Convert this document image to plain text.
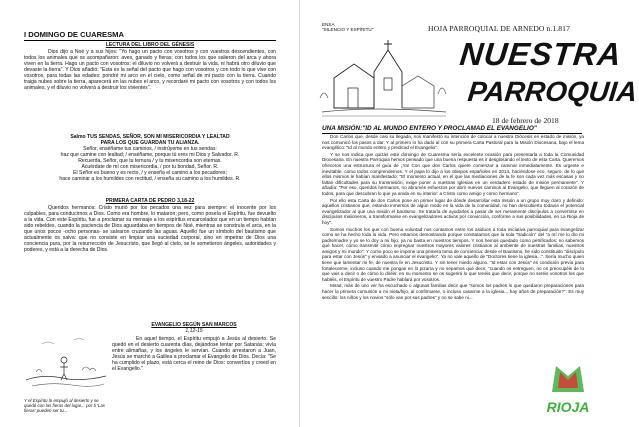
I DOMINGO DE CUARESMA
LECTURA DEL LIBRO DEL GÉNESIS

Dios dijo a Noé y a sus hijos: "Yo hago un pacto con vosotros y con vuestros descendientes, con todos los animales que os acompañaron: aves, ganado y fieras; con todos los que salieron del arca y ahora viven en la tierra. Hago un pacto con vosotros: el diluvio no volverá a destruir la vida, ni habrá otro diluvio que devaste la tierra". Y Dios añadió: "Esta es la señal del pacto que hago con vosotros y con todo lo que vive con vosotros, para todas las edades: pondré mi arco en el cielo, como señal de mi pacto con la tierra. Cuando traiga nubes sobre la tierra, aparecerá en las nubes el arco, y recordaré mi pacto con vosotros y con todos los animales, y el diluvio no volverá a destruir los vivientes".

Salmo TUS SENDAS, SEÑOR, SON MI MISERICORDIA Y LEALTAD
PARA LOS QUE GUARDAN TU ALIANZA.
Señor, enséñame tus caminos, / instrúyeme en tus sendas:
haz que camine con lealtad; / enséñame, porque tú eres mi Dios y Salvador. R.
Recuerda, Señor, que tu ternura / y tu misericordia son eternas.
Acuérdate de mí con misericordia, / por tu bondad, Señor. R.
El Señor es bueno y es recto, / y enseña el camino a los pecadores;
hace caminar a los humildes con rectitud, / enseña su camino a los humildes. R.
PRIMERA CARTA DE PEDRO 3,18-22

Queridos hermanos: Cristo murió por los pecados una vez para siempre: el inocente por los culpables, para conducirnos a Dios. Como era hombre, lo mataron; pero, como poseía el Espíritu, fue devuelto a la vida. Con este Espíritu, fue a proclamar su mensaje a los espíritus encarcelados que en un tiempo habían sido rebeldes, cuando la paciencia de Dios aguardaba en tiempos de Noé, mientras se construía el arca, en la que unos pocos -ocho personas- se salvaron cruzando las aguas. Aquello fue un símbolo del bautismo que actualmente os salva: que no consiste en limpiar una suciedad corporal, sino en impetrar de Dios una conciencia pura, por la resurrección de Jesucristo, que llegó al cielo, se le sometieron ángeles, autoridades y poderes, y está a la derecha de Dios.

EVANGELIO SEGÚN SAN MARCOS
1,12-15

En aquel tiempo, el Espíritu empujó a Jesús al desierto. Se quedó en el desierto cuarenta días, dejándose tentar por Satanás; vivía entre alimañas, y los ángeles le servían. Cuando arrestaron a Juan, Jesús se marchó a Galilea a proclamar el Evangelio de Dios. Decía: "Se ha cumplido el plazo, está cerca el reino de Dios: convertíos y creed en el Evangelio."

Y el Espíritu lo empujó al desierto y se quedó con las fieras del lugar... por ti 'Las fieras' pueden ser tu...
ENSA
"SILENCIO Y ESPÍRITU"	HOJA PARROQUIAL DE ARNEDO n.1.817
NUESTRA
PARROQUIA
18 de febrero de 2018
UNA MISIÓN:"ID AL MUNDO ENTERO Y PROCLAMAD EL EVANGELIO"

Don Carlos que, desde casi su llegada, nos manifestó su intención de colocar a nuestra Diócesis en estado de misión, ya nos comunicó los pasos a dar. Y al primero lo ha dado al con su primera Carta Pastoral para la Misión Diocesana, bajo el lema evangélico: "Id al mundo entero y predicad el Evangelio".

Y se nos indica que quizás este domingo de Cuaresma sería excelente ocasión para presentarla a toda la Comunidad Diocesana. En nuestra Parroquia hemos pensado que una buena respuesta es ir desglosando el texto de esta Carta. Queremos ofreceros una estructura el guía de ¡Ya! Con que don Carlos quiere comenzar a caminar inmediatamente. Es urgente e inevitable, como todos comprendemos. Y el papa lo dijo a los obispos españoles en 2014, haciéndose eco, seguro, de lo que ellos mismos le habían manifestado: "El momento actual, en el que las mediaciones de la fe son cada vez más escasas y no faltan dificultades para su transmisión, exige poner a vuestras Iglesias en un verdadero estado de misión permanente". Y añadía: "Por eso, queridos hermanos, no abrumés esfuerzos por abrir nuevos caminos al Evangelio, que lleguen al corazón de todos, para que descubran lo que ya anida en su interior: a Cristo como amigo y como hermano".

Por ello esta Carta de don Carlos pone en primer lugar de dónde desarrollar esta misión a un grupo muy claro y definido: aquellos cristianos que, estando inmersos de algún modo en la vida de la comunidad, no han descubierto todavía el potencial evangelizador al que una misión el bautismo. Se trataría de ayudarles a pasar de ser meramente discípulos a convertirse en discípulos misioneros, a transformarse en evangelizadores activos por convicción, conforme a sus posibilidades, en La Rioja de hoy".

Somos muchos los que con buena voluntad nos contamos entre los asiduos a toda iniciativa parroquial para evangelizar como se ha hecho toda la vida. Pero estamos demostrando porque constatamos que la sola "tradición" del "a mí me lo dio mi padre/madre y yo se lo doy a mi hijo, ya no basta en nuestros tiempos. Y nos hemos quedado como petrificados: no sabemos qué hacer, cómo transmitir cómo impregnar nuestros mayores valores cristianos al ambiente de nuestras familias, nuestros amigos y mi mundo". Y como poco se impone una primera toma de conciencia: desde el Bautismo, he sido constituido "discípulo para estar con Jesús" y enviado a anunciar el evangelio". Ya no vale aquello de "Doctores tiene la iglesia...". Sería mucho quien tiene que lamentar mi fe, de nuestra fe en Jesucristo. Y sin tener miedo alguno. "Id estar con Jesús" es condición previa para fortalecerme, incluso cuando me pongan en lo pizarra y no sepamos qué decir, "cuando os entreguen, no os preocupéis de lo que vais a decir o de cómo lo diréis: en su momento se os sugerirá lo que tenéis que decir, porque no seréis vosotros los que habléis, el Espíritu de vuestro Padre hablará por vosotros.

Mirad, más de uno ver ha escuchado o algunas familias decir que "somos los padres lo que quedaron preparaciones para hacer la primera comunión a mi nieta/hijo, al confirmarse, o incluso casarme a la iglesia... hay años de preparación?". Es muy sencillo: los niños y los novios "sólo van por sus padres" y no se sabe ni...

RIOJA
